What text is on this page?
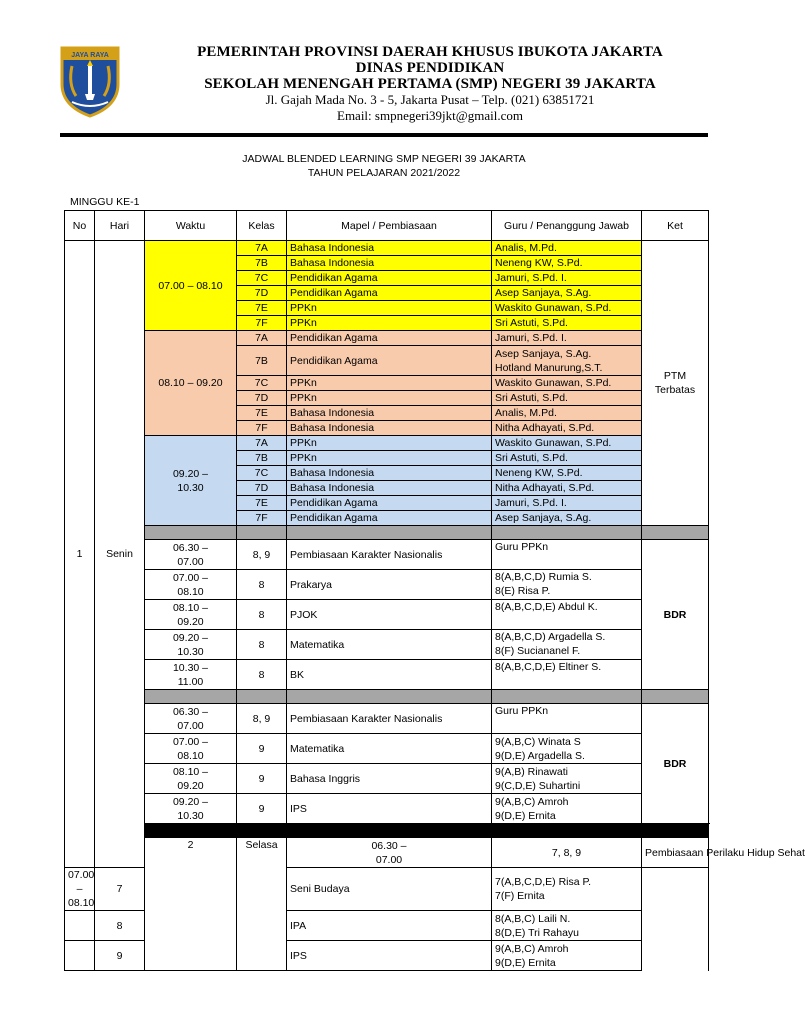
JAYA RAYA	PEMERINTAH PROVINSI DAERAH KHUSUS IBUKOTA JAKARTA
DINAS PENDIDIKAN
SEKOLAH MENENGAH PERTAMA (SMP) NEGERI 39 JAKARTA
Jl. Gajah Mada No. 3 - 5, Jakarta Pusat – Telp. (021) 63851721
Email: smpnegeri39jkt@gmail.com
JADWAL BLENDED LEARNING SMP NEGERI 39 JAKARTA
TAHUN PELAJARAN 2021/2022
MINGGU KE-1
No	Hari	Waktu	Kelas	Mapel / Pembiasaan	Guru / Penanggung Jawab	Ket	
1	Senin	07.00 – 08.10	7A	Bahasa Indonesia	Analis, M.Pd.	PTM Terbatas	
			7B	Bahasa Indonesia	Neneng KW, S.Pd.		
			7C	Pendidikan Agama	Jamuri, S.Pd. I.		
			7D	Pendidikan Agama	Asep Sanjaya, S.Ag.		
			7E	PPKn	Waskito Gunawan, S.Pd.		
			7F	PPKn	Sri Astuti, S.Pd.		
		08.10 – 09.20	7A	Pendidikan Agama	Jamuri, S.Pd. I.		
			7B	Pendidikan Agama	Asep Sanjaya, S.Ag.
Hotland Manurung,S.T.		
			7C	PPKn	Waskito Gunawan, S.Pd.		
			7D	PPKn	Sri Astuti, S.Pd.		
			7E	Bahasa Indonesia	Analis, M.Pd.		
			7F	Bahasa Indonesia	Nitha Adhayati, S.Pd.		
		09.20 –
10.30	7A	PPKn	Waskito Gunawan, S.Pd.		
			7B	PPKn	Sri Astuti, S.Pd.		
			7C	Bahasa Indonesia	Neneng KW, S.Pd.		
			7D	Bahasa Indonesia	Nitha Adhayati, S.Pd.		
			7E	Pendidikan Agama	Jamuri, S.Pd. I.		
			7F	Pendidikan Agama	Asep Sanjaya, S.Ag.		

		06.30 –
07.00	8, 9	Pembiasaan Karakter Nasionalis	Guru PPKn	BDR	
		07.00 –
08.10	8	Prakarya	8(A,B,C,D) Rumia S.
8(E) Risa P.		
		08.10 –
09.20	8	PJOK	8(A,B,C,D,E) Abdul K.		
		09.20 –
10.30	8	Matematika	8(A,B,C,D) Argadella S.
8(F) Suciananel F.		
		10.30 –
11.00	8	BK	8(A,B,C,D,E) Eltiner S.		

		06.30 –
07.00	8, 9	Pembiasaan Karakter Nasionalis	Guru PPKn	BDR	
		07.00 –
08.10	9	Matematika	9(A,B,C) Winata S
9(D,E) Argadella S.		
		08.10 –
09.20	9	Bahasa Inggris	9(A,B) Rinawati
9(C,D,E) Suhartini		
		09.20 –
10.30	9	IPS	9(A,B,C) Amroh
9(D,E) Ernita		

		2	Selasa	06.30 –
07.00	7, 8, 9	Pembiasaan Perilaku Hidup Sehat		
07.00 –
08.10	7			Seni Budaya	7(A,B,C,D,E) Risa P.
7(F) Ernita		
	8			IPA	8(A,B,C) Laili N.
8(D,E) Tri Rahayu		
	9			IPS	9(A,B,C) Amroh
9(D,E) Ernita		
